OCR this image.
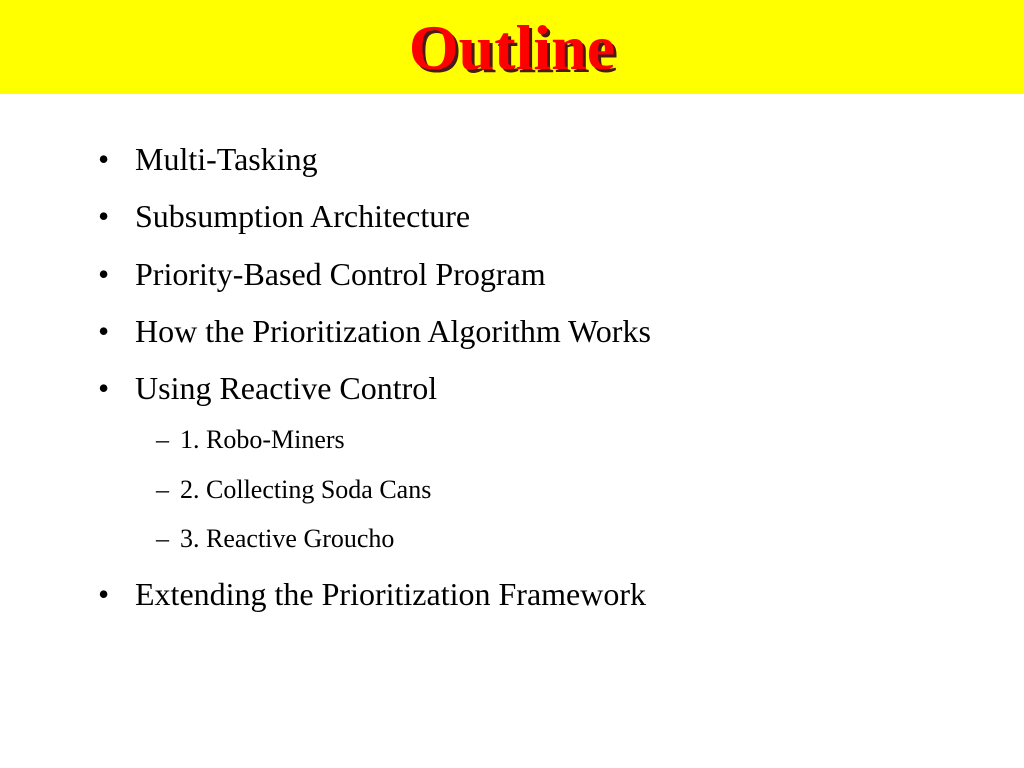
Outline
• Multi-Tasking
• Subsumption Architecture
• Priority-Based Control Program
• How the Prioritization Algorithm Works
• Using Reactive Control
– 1. Robo-Miners
– 2. Collecting Soda Cans
– 3. Reactive Groucho
• Extending the Prioritization Framework
